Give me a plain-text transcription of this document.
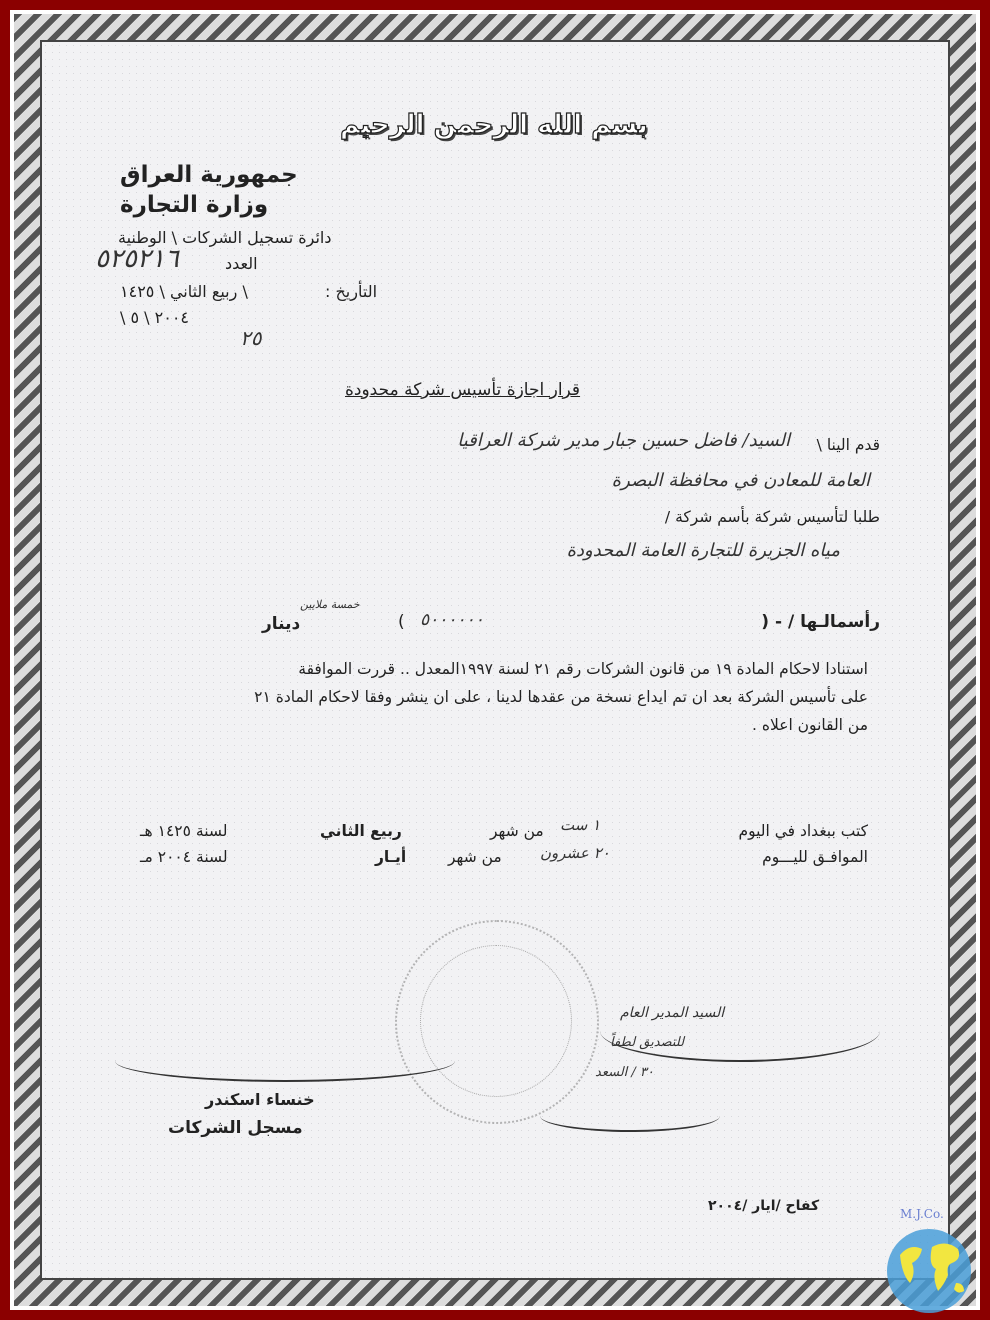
بسم الله الرحمن الرحيم
جمهورية العراق
وزارة التجارة
دائرة تسجيل الشركات \ الوطنية
العدد
٥٢٥٢١٦
التأريخ :
\ ربيع الثاني \ ١٤٢٥
٢٠٠٤ \ ٥ \
٢٥
قرار اجازة تأسيس شركة محدودة
قدم الينا \
السيد/ فاضل حسين جبار مدير شركة العراقيا
العامة للمعادن في محافظة البصرة
طلبا لتأسيس شركة بأسم شركة /
مياه الجزيرة للتجارة العامة المحدودة
رأسمالـها / - (
٥٠٠٠٠٠٠
)
خمسة ملايين
دينار
استنادا لاحكام المادة ١٩ من قانون الشركات رقم ٢١ لسنة ١٩٩٧المعدل .. قررت الموافقة
على تأسيس الشركة بعد ان تم ايداع نسخة من عقدها لدينا ، على ان ينشر وفقا لاحكام المادة ٢١
من القانون اعلاه .
كتب ببغداد في اليوم
١ ست
من شهر
ربيع الثاني
لسنة ١٤٢٥ هـ
الموافـق لليـــوم
٢٠ عشرون
من شهر
أيـار
لسنة ٢٠٠٤ مـ
خنساء اسكندر
مسجل الشركات
السيد المدير العام
للتصديق لطفاً
٣٠ / السعد
كفاح /ايار /٢٠٠٤	M.J.Co.
